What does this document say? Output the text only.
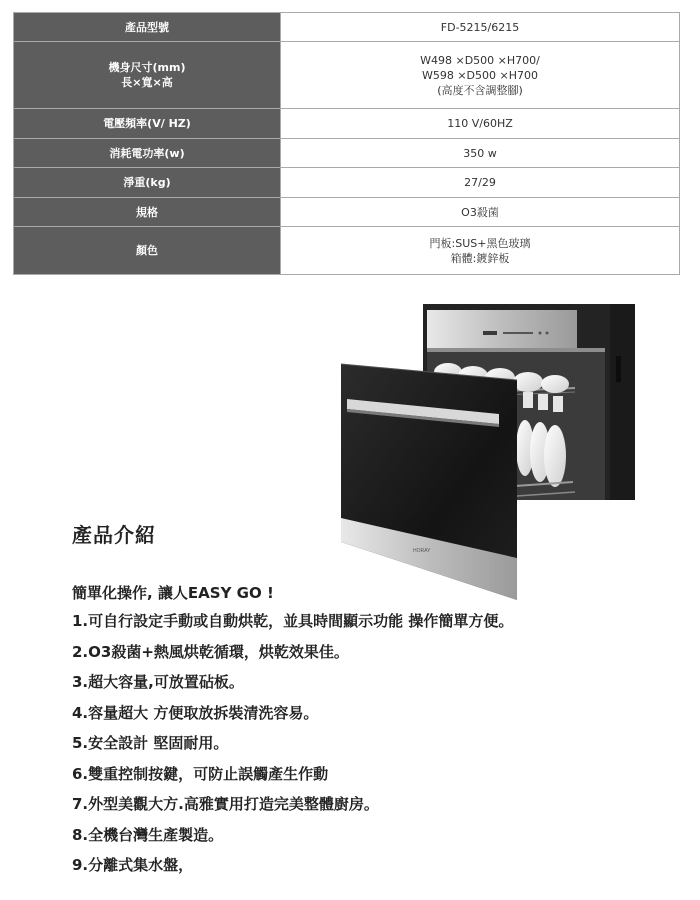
產品型號	FD-5215/6215

機身尺寸(mm)
長×寬×高	W498 ×D500 ×H700/
W598 ×D500 ×H700
(高度不含調整腳)

電壓頻率(V/ HZ)	110 V/60HZ

消耗電功率(w)	350 w

淨重(kg)	27/29

規格	O3殺菌

顏色	門板:SUS+黑色玻璃
箱體:鍍鋅板
HORAY
產品介紹

簡單化操作, 讓人EASY GO !

1.可自行設定手動或自動烘乾，並具時間顯示功能 操作簡單方便。
2.O3殺菌+熱風烘乾循環，烘乾效果佳。
3.超大容量,可放置砧板。
4.容量超大 方便取放拆裝清洗容易。
5.安全設計 堅固耐用。
6.雙重控制按鍵，可防止誤觸產生作動
7.外型美觀大方.高雅實用打造完美整體廚房。
8.全機台灣生產製造。
9.分離式集水盤，
